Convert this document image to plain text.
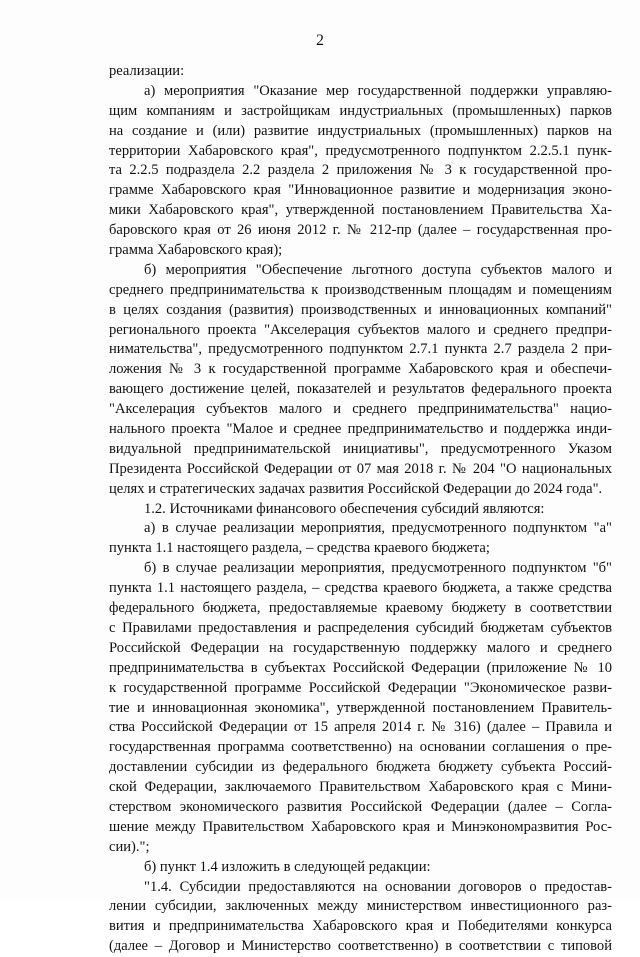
2
реализации:
а) мероприятия "Оказание мер государственной поддержки управляю-
щим компаниям и застройщикам индустриальных (промышленных) парков
на создание и (или) развитие индустриальных (промышленных) парков на
территории Хабаровского края", предусмотренного подпунктом 2.2.5.1 пунк-
та 2.2.5 подраздела 2.2 раздела 2 приложения № 3 к государственной про-
грамме Хабаровского края "Инновационное развитие и модернизация эконо-
мики Хабаровского края", утвержденной постановлением Правительства Ха-
баровского края от 26 июня 2012 г. № 212-пр (далее – государственная про-
грамма Хабаровского края);
б) мероприятия "Обеспечение льготного доступа субъектов малого и
среднего предпринимательства к производственным площадям и помещениям
в целях создания (развития) производственных и инновационных компаний"
регионального проекта "Акселерация субъектов малого и среднего предпри-
нимательства", предусмотренного подпунктом 2.7.1 пункта 2.7 раздела 2 при-
ложения № 3 к государственной программе Хабаровского края и обеспечи-
вающего достижение целей, показателей и результатов федерального проекта
"Акселерация субъектов малого и среднего предпринимательства" нацио-
нального проекта "Малое и среднее предпринимательство и поддержка инди-
видуальной предпринимательской инициативы", предусмотренного Указом
Президента Российской Федерации от 07 мая 2018 г. № 204 "О национальных
целях и стратегических задачах развития Российской Федерации до 2024 года".
1.2. Источниками финансового обеспечения субсидий являются:
а) в случае реализации мероприятия, предусмотренного подпунктом "а"
пункта 1.1 настоящего раздела, – средства краевого бюджета;
б) в случае реализации мероприятия, предусмотренного подпунктом "б"
пункта 1.1 настоящего раздела, – средства краевого бюджета, а также средства
федерального бюджета, предоставляемые краевому бюджету в соответствии
с Правилами предоставления и распределения субсидий бюджетам субъектов
Российской Федерации на государственную поддержку малого и среднего
предпринимательства в субъектах Российской Федерации (приложение № 10
к государственной программе Российской Федерации "Экономическое разви-
тие и инновационная экономика", утвержденной постановлением Правитель-
ства Российской Федерации от 15 апреля 2014 г. № 316) (далее – Правила и
государственная программа соответственно) на основании соглашения о пре-
доставлении субсидии из федерального бюджета бюджету субъекта Россий-
ской Федерации, заключаемого Правительством Хабаровского края с Мини-
стерством экономического развития Российской Федерации (далее – Согла-
шение между Правительством Хабаровского края и Минэкономразвития Рос-
сии).";
б) пункт 1.4 изложить в следующей редакции:
"1.4. Субсидии предоставляются на основании договоров о предостав-
лении субсидии, заключенных между министерством инвестиционного раз-
вития и предпринимательства Хабаровского края и Победителями конкурса
(далее – Договор и Министерство соответственно) в соответствии с типовой
